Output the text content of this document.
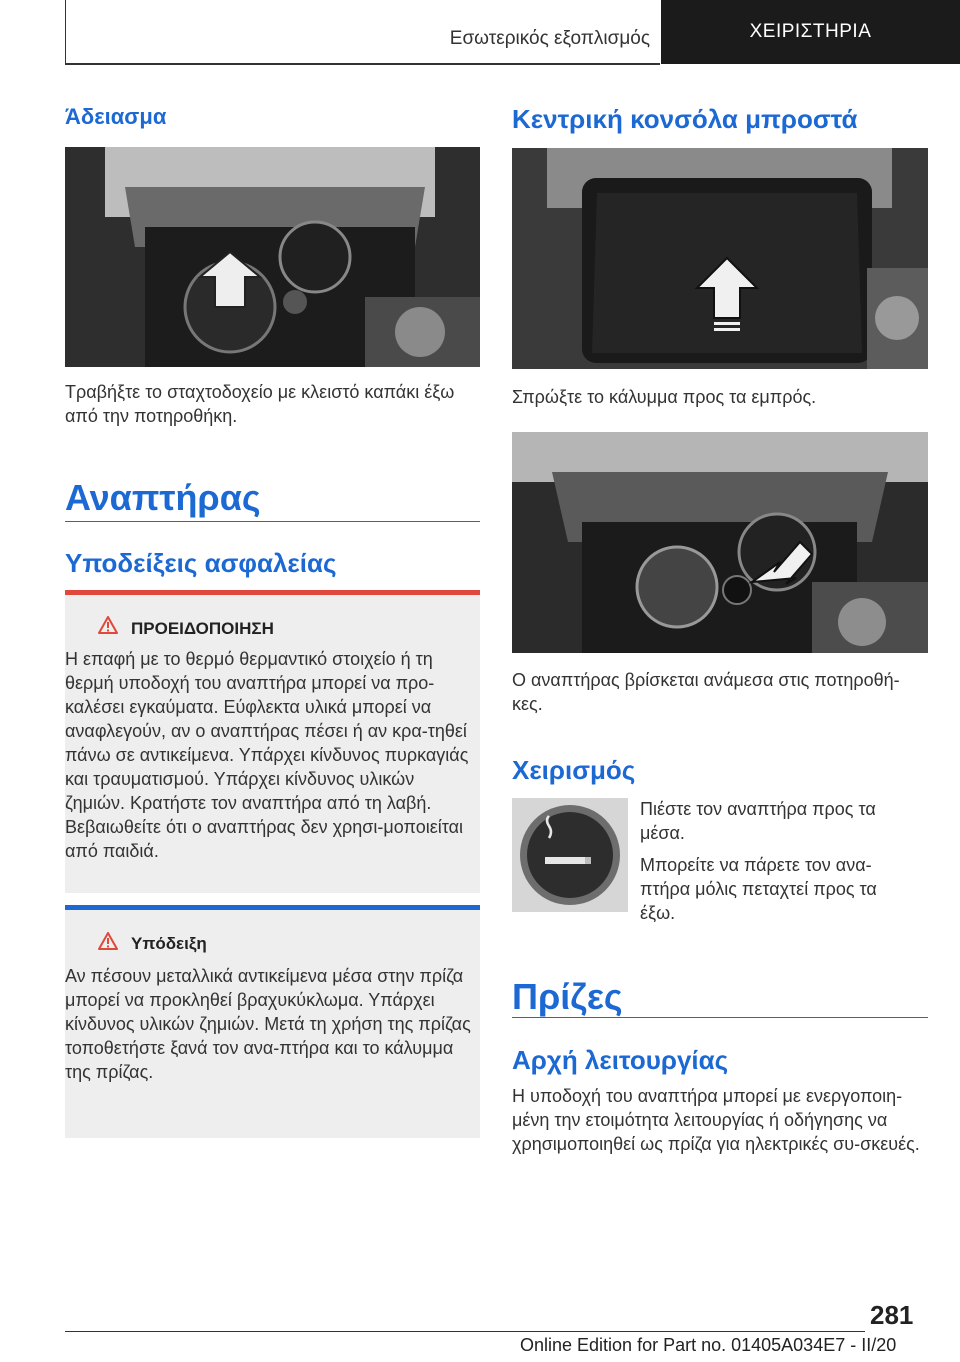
Εσωτερικός εξοπλισμός	ΧΕΙΡΙΣΤΗΡΙΑ
Άδειασμα
Τραβήξτε το σταχτοδοχείο με κλειστό καπάκι έξω από την ποτηροθήκη.
Αναπτήρας
Υποδείξεις ασφαλείας
ΠΡΟΕΙΔΟΠΟΙΗΣΗ
Η επαφή με το θερμό θερμαντικό στοιχείο ή τη θερμή υποδοχή του αναπτήρα μπορεί να προ-καλέσει εγκαύματα. Εύφλεκτα υλικά μπορεί να αναφλεγούν, αν ο αναπτήρας πέσει ή αν κρα-τηθεί πάνω σε αντικείμενα. Υπάρχει κίνδυνος πυρκαγιάς και τραυματισμού. Υπάρχει κίνδυνος υλικών ζημιών. Κρατήστε τον αναπτήρα από τη λαβή. Βεβαιωθείτε ότι ο αναπτήρας δεν χρησι-μοποιείται από παιδιά.
Υπόδειξη
Αν πέσουν μεταλλικά αντικείμενα μέσα στην πρίζα μπορεί να προκληθεί βραχυκύκλωμα. Υπάρχει κίνδυνος υλικών ζημιών. Μετά τη χρήση της πρίζας τοποθετήστε ξανά τον ανα-πτήρα και το κάλυμμα της πρίζας.
Κεντρική κονσόλα μπροστά
Σπρώξτε το κάλυμμα προς τα εμπρός.
Ο αναπτήρας βρίσκεται ανάμεσα στις ποτηροθή-κες.
Χειρισμός
Πιέστε τον αναπτήρα προς τα μέσα.
Μπορείτε να πάρετε τον ανα-πτήρα μόλις πεταχτεί προς τα έξω.
Πρίζες
Αρχή λειτουργίας
Η υποδοχή του αναπτήρα μπορεί με ενεργοποιη-μένη την ετοιμότητα λειτουργίας ή οδήγησης να χρησιμοποιηθεί ως πρίζα για ηλεκτρικές συ-σκευές.
281
Online Edition for Part no. 01405A034E7 - II/20
